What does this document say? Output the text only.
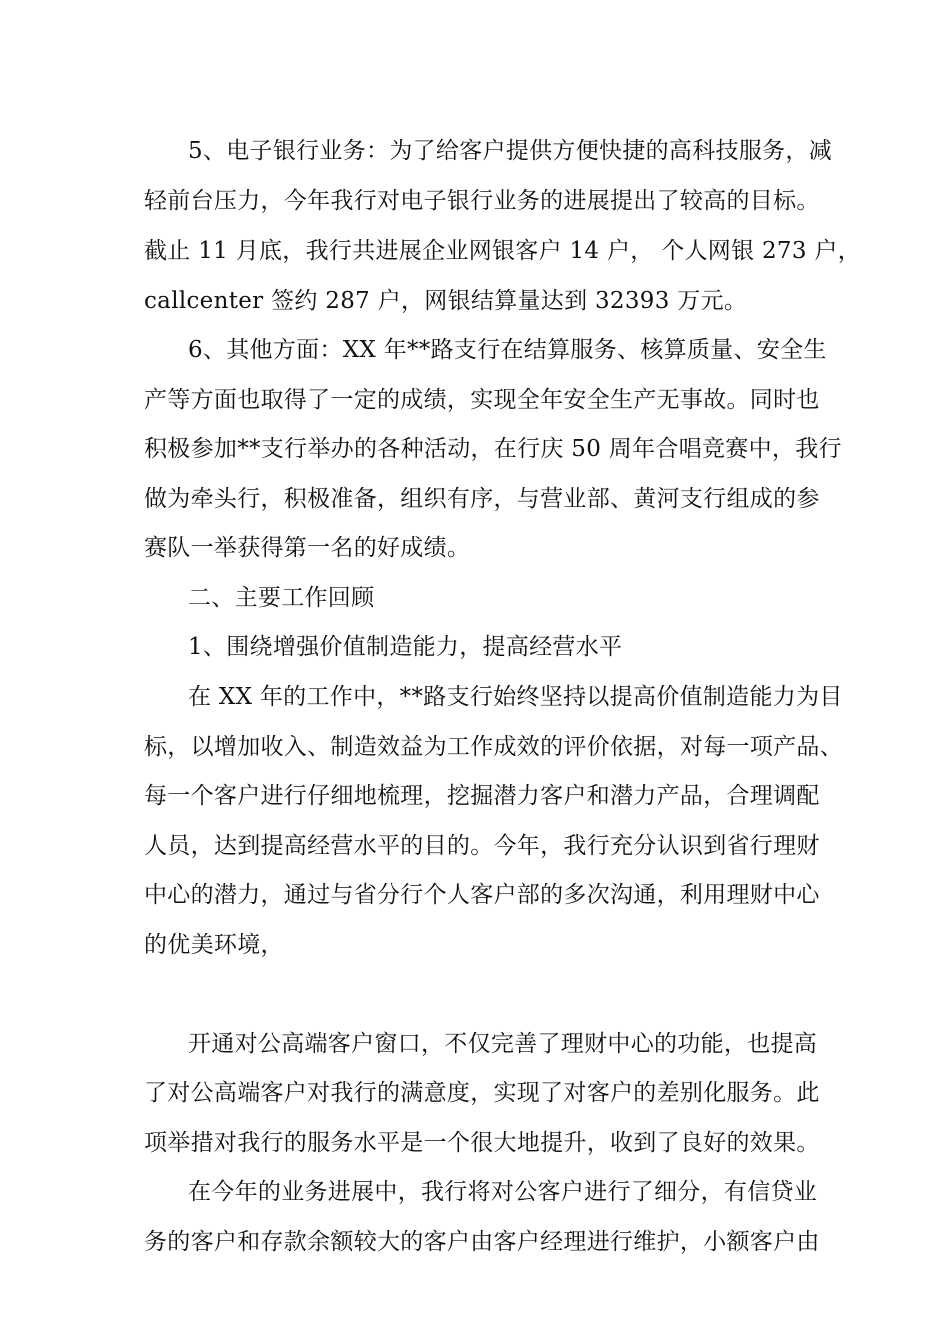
5、电子银行业务：为了给客户提供方便快捷的高科技服务，减
轻前台压力，今年我行对电子银行业务的进展提出了较高的目标。
截止 11 月底，我行共进展企业网银客户 14 户， 个人网银 273 户，
callcenter 签约 287 户，网银结算量达到 32393 万元。
6、其他方面：XX 年**路支行在结算服务、核算质量、安全生
产等方面也取得了一定的成绩，实现全年安全生产无事故。同时也
积极参加**支行举办的各种活动，在行庆 50 周年合唱竞赛中，我行
做为牵头行，积极准备，组织有序，与营业部、黄河支行组成的参
赛队一举获得第一名的好成绩。
二、主要工作回顾
1、围绕增强价值制造能力，提高经营水平
在 XX 年的工作中，**路支行始终坚持以提高价值制造能力为目
标，以增加收入、制造效益为工作成效的评价依据，对每一项产品、
每一个客户进行仔细地梳理，挖掘潜力客户和潜力产品，合理调配
人员，达到提高经营水平的目的。今年，我行充分认识到省行理财
中心的潜力，通过与省分行个人客户部的多次沟通，利用理财中心
的优美环境，
开通对公高端客户窗口，不仅完善了理财中心的功能，也提高
了对公高端客户对我行的满意度，实现了对客户的差别化服务。此
项举措对我行的服务水平是一个很大地提升，收到了良好的效果。
在今年的业务进展中，我行将对公客户进行了细分，有信贷业
务的客户和存款余额较大的客户由客户经理进行维护，小额客户由
